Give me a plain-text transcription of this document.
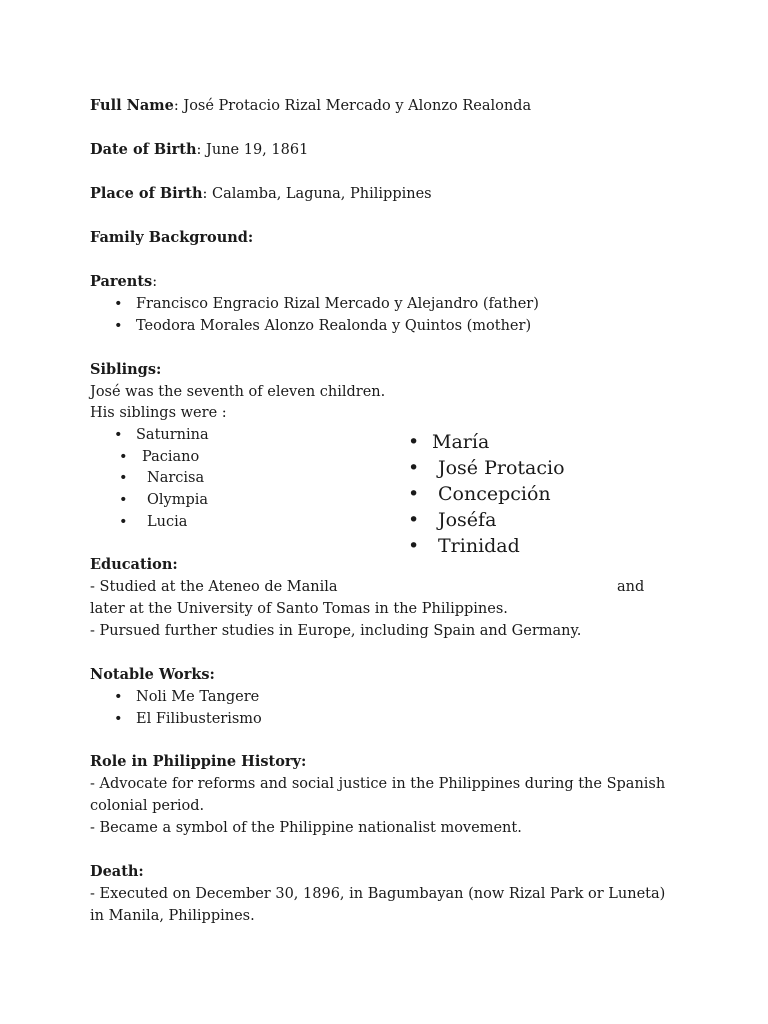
Full Name: José Protacio Rizal Mercado y Alonzo Realonda
Date of Birth: June 19, 1861
Place of Birth: Calamba, Laguna, Philippines
Family Background:
Parents:
• Francisco Engracio Rizal Mercado y Alejandro (father)
• Teodora Morales Alonzo Realonda y Quintos (mother)
Siblings:
José was the seventh of eleven children.
His siblings were :
• Saturnina
• Paciano
• Narcisa
• Olympia
• Lucia
• María
• José Protacio
• Concepción
• Joséfa
• Trinidad
Education:
- Studied at the Ateneo de Manila	and
later at the University of Santo Tomas in the Philippines.
- Pursued further studies in Europe, including Spain and Germany.
Notable Works:
• Noli Me Tangere
• El Filibusterismo
Role in Philippine History:
- Advocate for reforms and social justice in the Philippines during the Spanish
colonial period.
- Became a symbol of the Philippine nationalist movement.
Death:
- Executed on December 30, 1896, in Bagumbayan (now Rizal Park or Luneta)
in Manila, Philippines.
